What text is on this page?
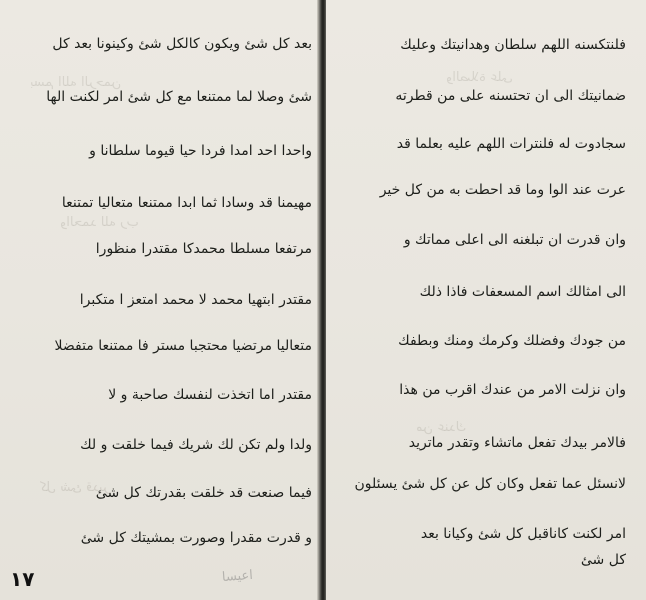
بسم الله الرحمن
والحمد لله رب
كل شئ قدير
بعد كل شئ ويكون كالكل شئ وكينونا بعد كل
شئ وصلا لما ممتنعا مع كل شئ امر لكنت الها
واحدا احد امدا فردا حيا قيوما سلطانا و
مهيمنا قد وسادا ثما ابدا ممتنعا متعاليا تمتنعا
مرتفعا مسلطا محمدكا مقتدرا منظورا
مقتدر ابتهيا محمد لا محمد امتعز ا متكبرا
متعاليا مرتضيا محتجبا مستر فا ممتنعا متفضلا
مقتدر اما اتخذت لنفسك صاحبة و لا
ولدا ولم تكن لك شريك فيما خلقت و لك
فيما صنعت قد خلقت بقدرتك كل شئ
و قدرت مقدرا وصورت بمشيتك كل شئ
اعيسا
١٧
والصلاة على
من عندك
فلنتكسنه اللهم سلطان وهدانيتك وعليك
ضمانيتك الى ان تحتسنه على من قطرته
سجادوت له فلنترات اللهم عليه بعلما قد
عرت عند الوا وما قد احطت به من كل خير
وان قدرت ان تبلغنه الى اعلى مماتك و
الى امثالك اسم المسعفات فاذا ذلك
من جودك وفضلك وكرمك ومنك وبطفك
وان نزلت الامر من عندك اقرب من هذا
فالامر بيدك تفعل ماتشاء وتقدر ماتريد
لانسئل عما تفعل وكان كل عن كل شئ يسئلون
امر لكنت كاناقبل كل شئ وكيانا بعد
كل شئ
